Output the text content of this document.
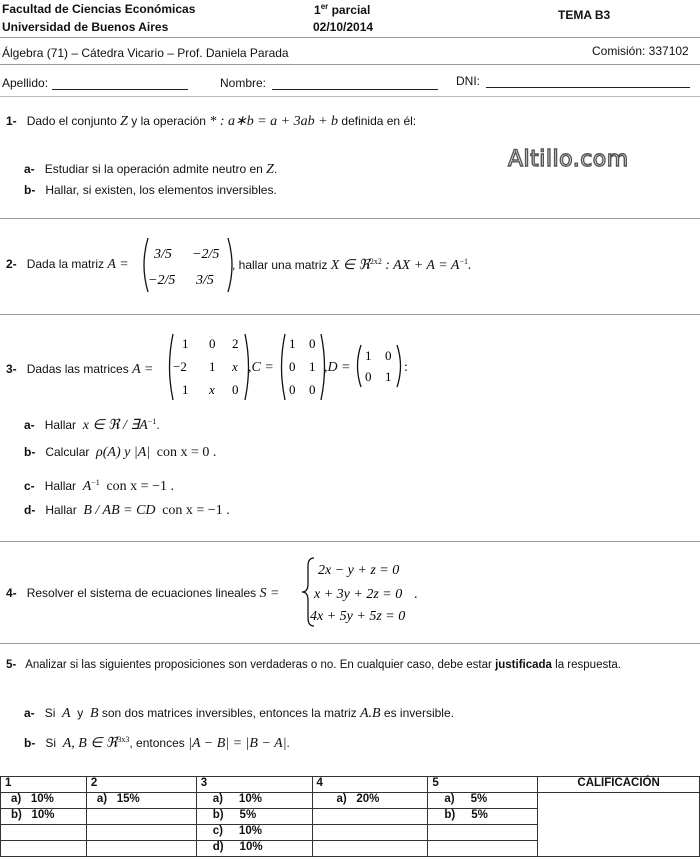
Facultad de Ciencias Económicas
Universidad de Buenos Aires
1er parcial
02/10/2014
TEMA B3
Álgebra (71) – Cátedra Vicario – Prof. Daniela Parada	Comisión: 337102
Apellido:	Nombre:	DNI:
Altillo.com
1- Dado el conjunto Z y la operación * : a∗b = a + 3ab + b definida en él:
a- Estudiar si la operación admite neutro en Z.
b- Hallar, si existen, los elementos inversibles.
2- Dada la matriz A =
3/5 −2/5
−2/5 3/5
, hallar una matriz X ∈ ℜ$^{2x2}$ : AX + $A = A^{-1}$.
3- Dadas las matrices A =
1 0 2
−2 1 x
1 x 0
,C =
1 0
0 1
0 0
,D =
1 0
0 1
:
a- Hallar x ∈ ℜ / $\exists A^{-1}$.
b- Calcular ρ(A) y |A| con x = 0 .
c- Hallar $A^{-1}$ con x = −1 .
d- Hallar B / AB = CD con x = −1 .
4- Resolver el sistema de ecuaciones lineales S =
2x − y + z = 0
x + 3y + 2z = 0
4x + 5y + 5z = 0
.
5- Analizar si las siguientes proposiciones son verdaderas o no. En cualquier caso, debe estar justificada la respuesta.
a- Si A y B son dos matrices inversibles, entonces la matriz A.B es inversible.
b- Si A, B ∈ ℜ$^{3x3}$, entonces |A − B| = |B − A|.
1	2	3	4	5	CALIFICACIÓN
a) 10%	a) 15%	a) 10%	a) 20%	a) 5%	
b) 10%		b) 5%		b) 5%	
		c) 10%			
		d) 10%			
